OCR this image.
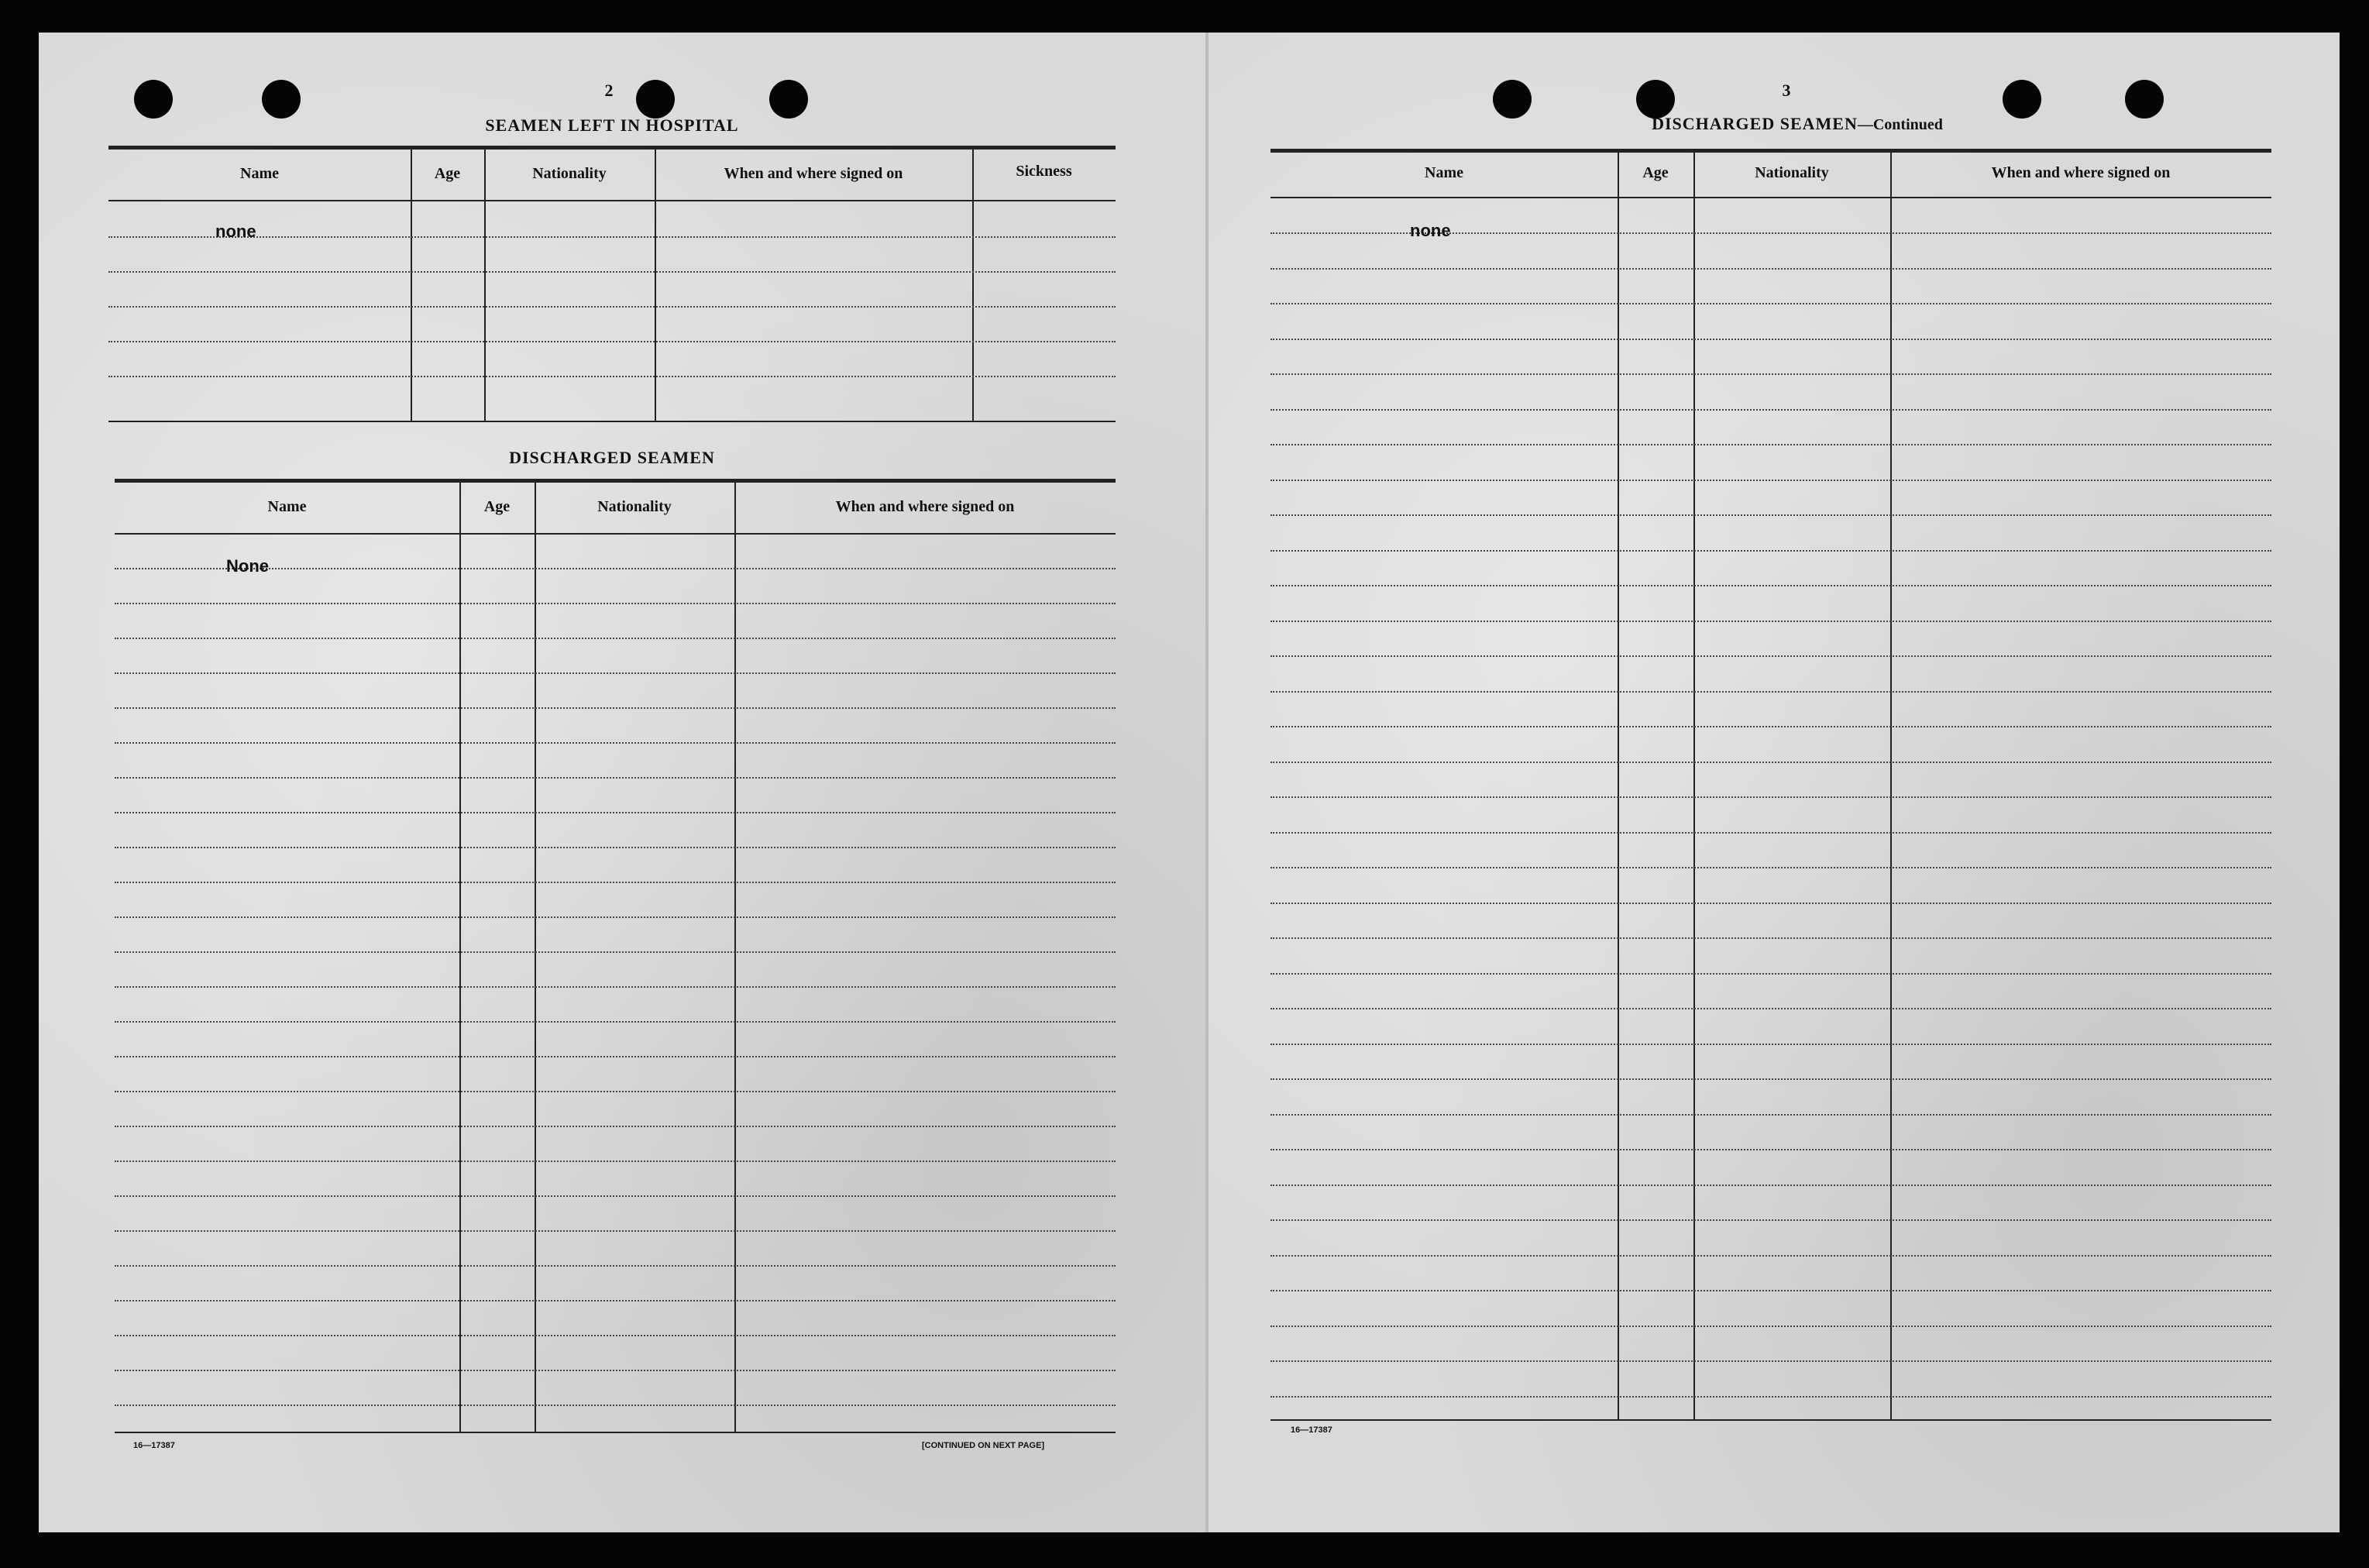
2
SEAMEN LEFT IN HOSPITAL
Name	Age	Nationality	When and where signed on	Sickness
none
DISCHARGED SEAMEN
Name	Age	Nationality	When and where signed on
None
16—17387	[CONTINUED ON NEXT PAGE]
3
DISCHARGED SEAMEN—Continued
Name	Age	Nationality	When and where signed on
none
16—17387
